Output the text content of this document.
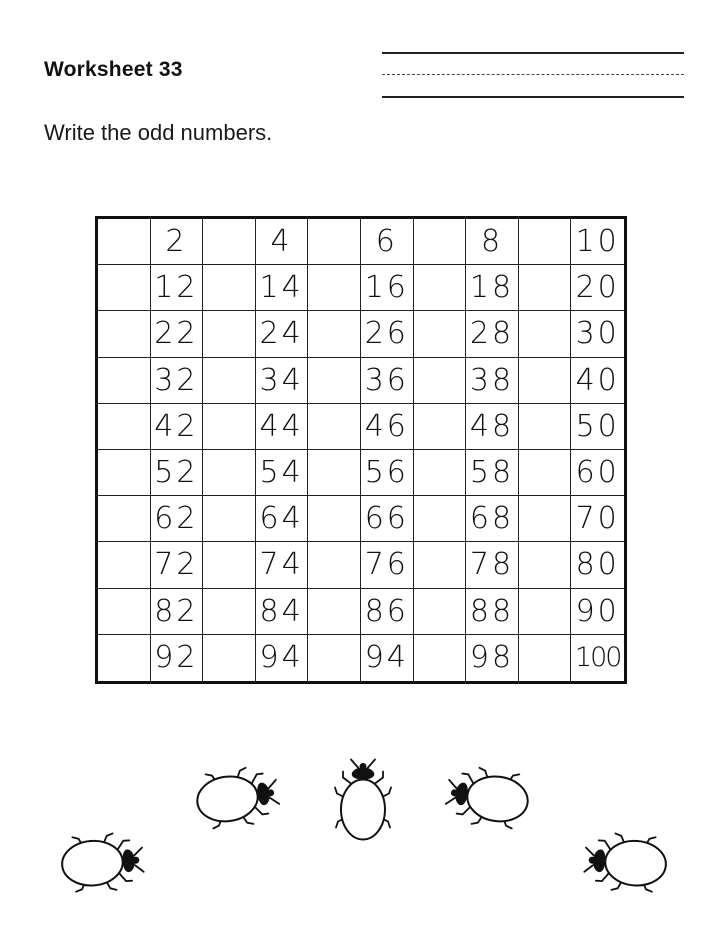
Worksheet 33
Write the odd numbers.
2	4	6	8	10
12 14 16 18 20
22 24 26 28 30
32 34 36 38 40
42 44 46 48 50
52 54 56 58 60
62 64 66 68 70
72 74 76 78 80
82 84 86 88 90
92 94 94 98 100
